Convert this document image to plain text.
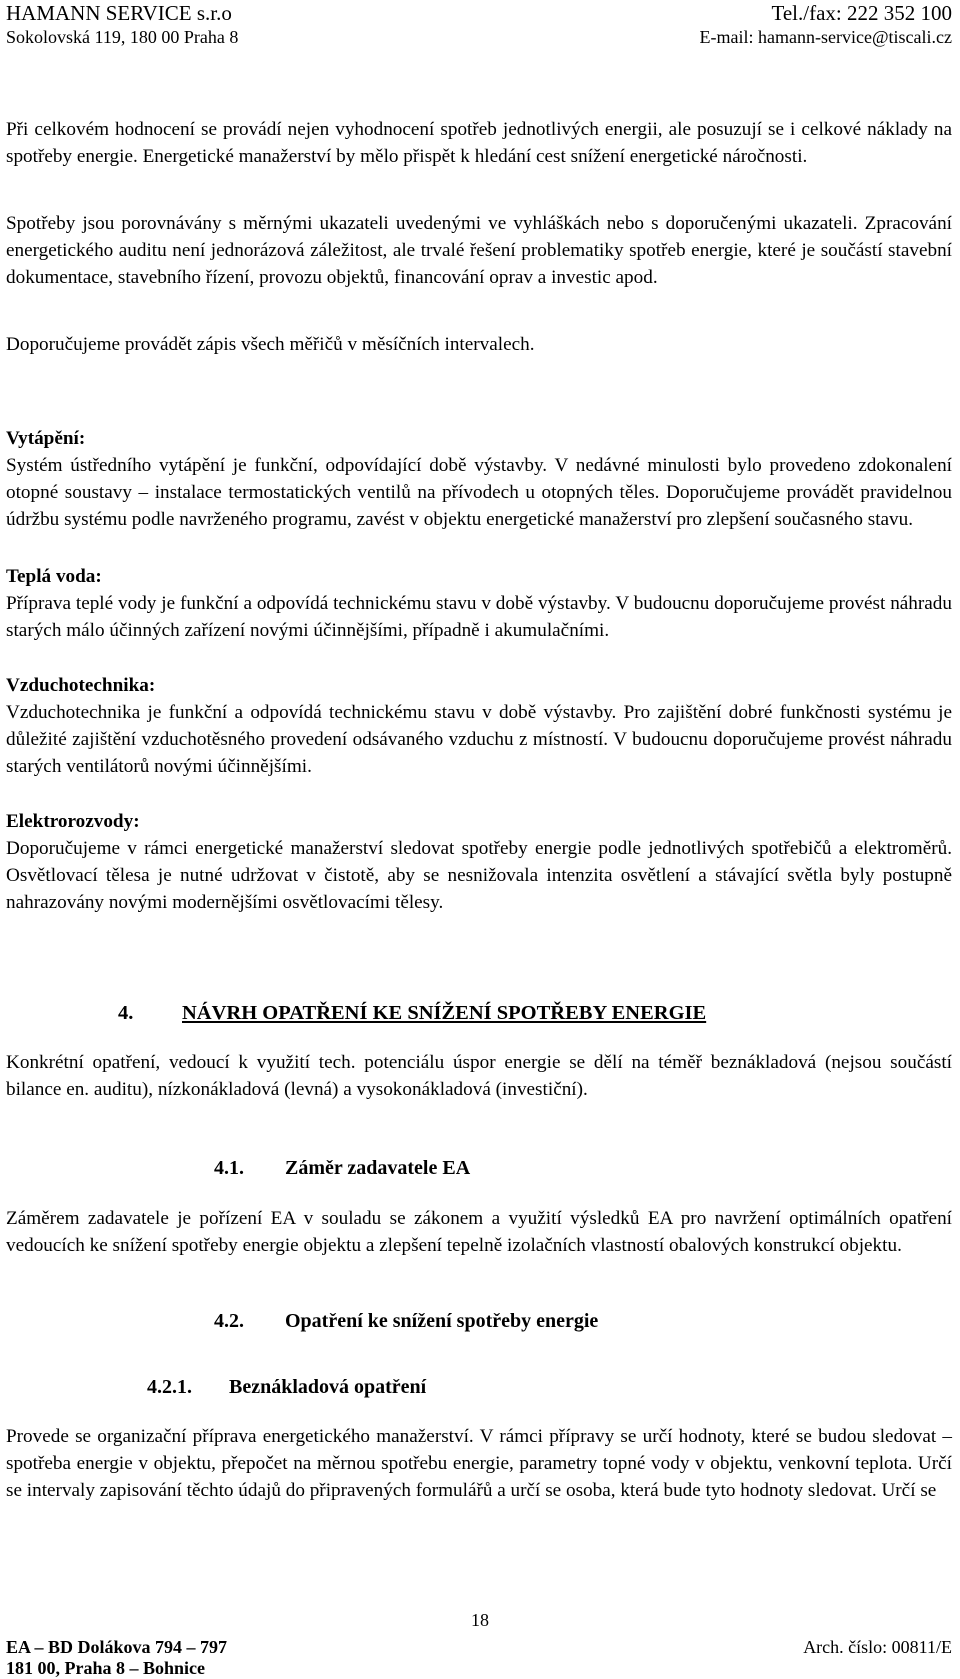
HAMANN SERVICE s.r.o
Sokolovská 119, 180 00 Praha 8
Tel./fax: 222 352 100
E-mail: hamann-service@tiscali.cz

Při celkovém hodnocení se provádí nejen vyhodnocení spotřeb jednotlivých energii, ale posuzují se i celkové náklady na spotřeby energie. Energetické manažerství by mělo přispět k hledání cest snížení energetické náročnosti.

Spotřeby jsou porovnávány s měrnými ukazateli uvedenými ve vyhláškách nebo s doporučenými ukazateli. Zpracování energetického auditu není jednorázová záležitost, ale trvalé řešení problematiky spotřeb energie, které je součástí stavební dokumentace, stavebního řízení, provozu objektů, financování oprav a investic apod.

Doporučujeme provádět zápis všech měřičů v měsíčních intervalech.

Vytápění:

Systém ústředního vytápění je funkční, odpovídající době výstavby. V nedávné minulosti bylo provedeno zdokonalení otopné soustavy – instalace termostatických ventilů na přívodech u otopných těles. Doporučujeme provádět pravidelnou údržbu systému podle navrženého programu, zavést v objektu energetické manažerství pro zlepšení současného stavu.

Teplá voda:

Příprava teplé vody je funkční a odpovídá technickému stavu v době výstavby. V budoucnu doporučujeme provést náhradu starých málo účinných zařízení novými účinnějšími, případně i akumulačními.

Vzduchotechnika:

Vzduchotechnika je funkční a odpovídá technickému stavu v době výstavby. Pro zajištění dobré funkčnosti systému je důležité zajištění vzduchotěsného provedení odsávaného vzduchu z místností. V budoucnu doporučujeme provést náhradu starých ventilátorů novými účinnějšími.

Elektrorozvody:

Doporučujeme v rámci energetické manažerství sledovat spotřeby energie podle jednotlivých spotřebičů a elektroměrů. Osvětlovací tělesa je nutné udržovat v čistotě, aby se nesnižovala intenzita osvětlení a stávající světla byly postupně nahrazovány novými modernějšími osvětlovacími tělesy.

4. NÁVRH OPATŘENÍ KE SNÍŽENÍ SPOTŘEBY ENERGIE

Konkrétní opatření, vedoucí k využití tech. potenciálu úspor energie se dělí na téměř beznákladová (nejsou součástí bilance en. auditu), nízkonákladová (levná) a vysokonákladová (investiční).

4.1. Záměr zadavatele EA

Záměrem zadavatele je pořízení EA v souladu se zákonem a využití výsledků EA pro navržení optimálních opatření vedoucích ke snížení spotřeby energie objektu a zlepšení tepelně izolačních vlastností obalových konstrukcí objektu.

4.2. Opatření ke snížení spotřeby energie
4.2.1. Beznákladová opatření

Provede se organizační příprava energetického manažerství. V rámci přípravy se určí hodnoty, které se budou sledovat – spotřeba energie v objektu, přepočet na měrnou spotřebu energie, parametry topné vody v objektu, venkovní teplota. Určí se intervaly zapisování těchto údajů do připravených formulářů a určí se osoba, která bude tyto hodnoty sledovat. Určí se

18
EA – BD Dolákova 794 – 797
181 00, Praha 8 – Bohnice
Arch. číslo: 00811/E
